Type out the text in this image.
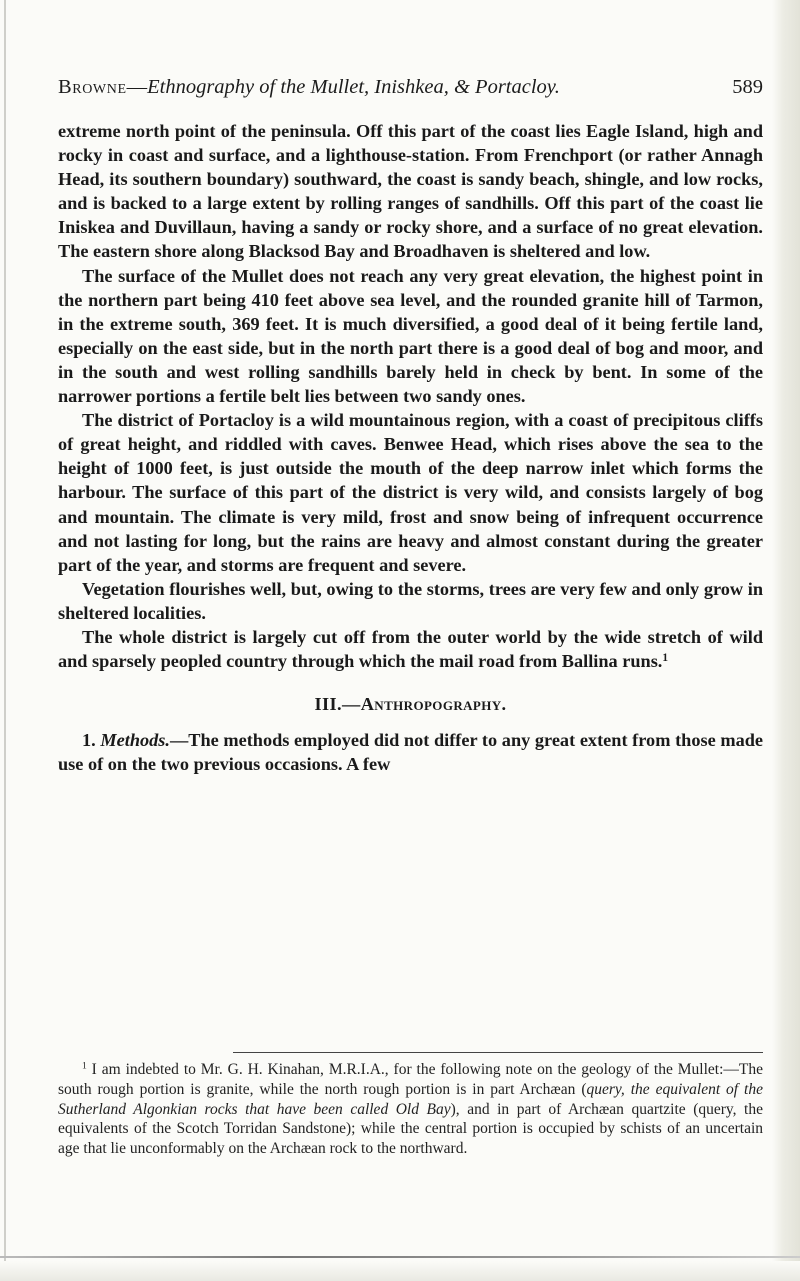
Browne—Ethnography of the Mullet, Inishkea, & Portacloy.	589

extreme north point of the peninsula. Off this part of the coast lies Eagle Island, high and rocky in coast and surface, and a lighthouse-station. From Frenchport (or rather Annagh Head, its southern boundary) southward, the coast is sandy beach, shingle, and low rocks, and is backed to a large extent by rolling ranges of sandhills. Off this part of the coast lie Iniskea and Duvillaun, having a sandy or rocky shore, and a surface of no great elevation. The eastern shore along Blacksod Bay and Broadhaven is sheltered and low.

The surface of the Mullet does not reach any very great elevation, the highest point in the northern part being 410 feet above sea level, and the rounded granite hill of Tarmon, in the extreme south, 369 feet. It is much diversified, a good deal of it being fertile land, especially on the east side, but in the north part there is a good deal of bog and moor, and in the south and west rolling sandhills barely held in check by bent. In some of the narrower portions a fertile belt lies between two sandy ones.

The district of Portacloy is a wild mountainous region, with a coast of precipitous cliffs of great height, and riddled with caves. Benwee Head, which rises above the sea to the height of 1000 feet, is just outside the mouth of the deep narrow inlet which forms the harbour. The surface of this part of the district is very wild, and consists largely of bog and mountain. The climate is very mild, frost and snow being of infrequent occurrence and not lasting for long, but the rains are heavy and almost constant during the greater part of the year, and storms are frequent and severe.

Vegetation flourishes well, but, owing to the storms, trees are very few and only grow in sheltered localities.

The whole district is largely cut off from the outer world by the wide stretch of wild and sparsely peopled country through which the mail road from Ballina runs.$^1$

III.—Anthropography.

1. Methods.—The methods employed did not differ to any great extent from those made use of on the two previous occasions. A few

$^1$ I am indebted to Mr. G. H. Kinahan, M.R.I.A., for the following note on the geology of the Mullet:—The south rough portion is granite, while the north rough portion is in part Archæan (query, the equivalent of the Sutherland Algonkian rocks that have been called Old Bay), and in part of Archæan quartzite (query, the equivalents of the Scotch Torridan Sandstone); while the central portion is occupied by schists of an uncertain age that lie unconformably on the Archæan rock to the northward.
